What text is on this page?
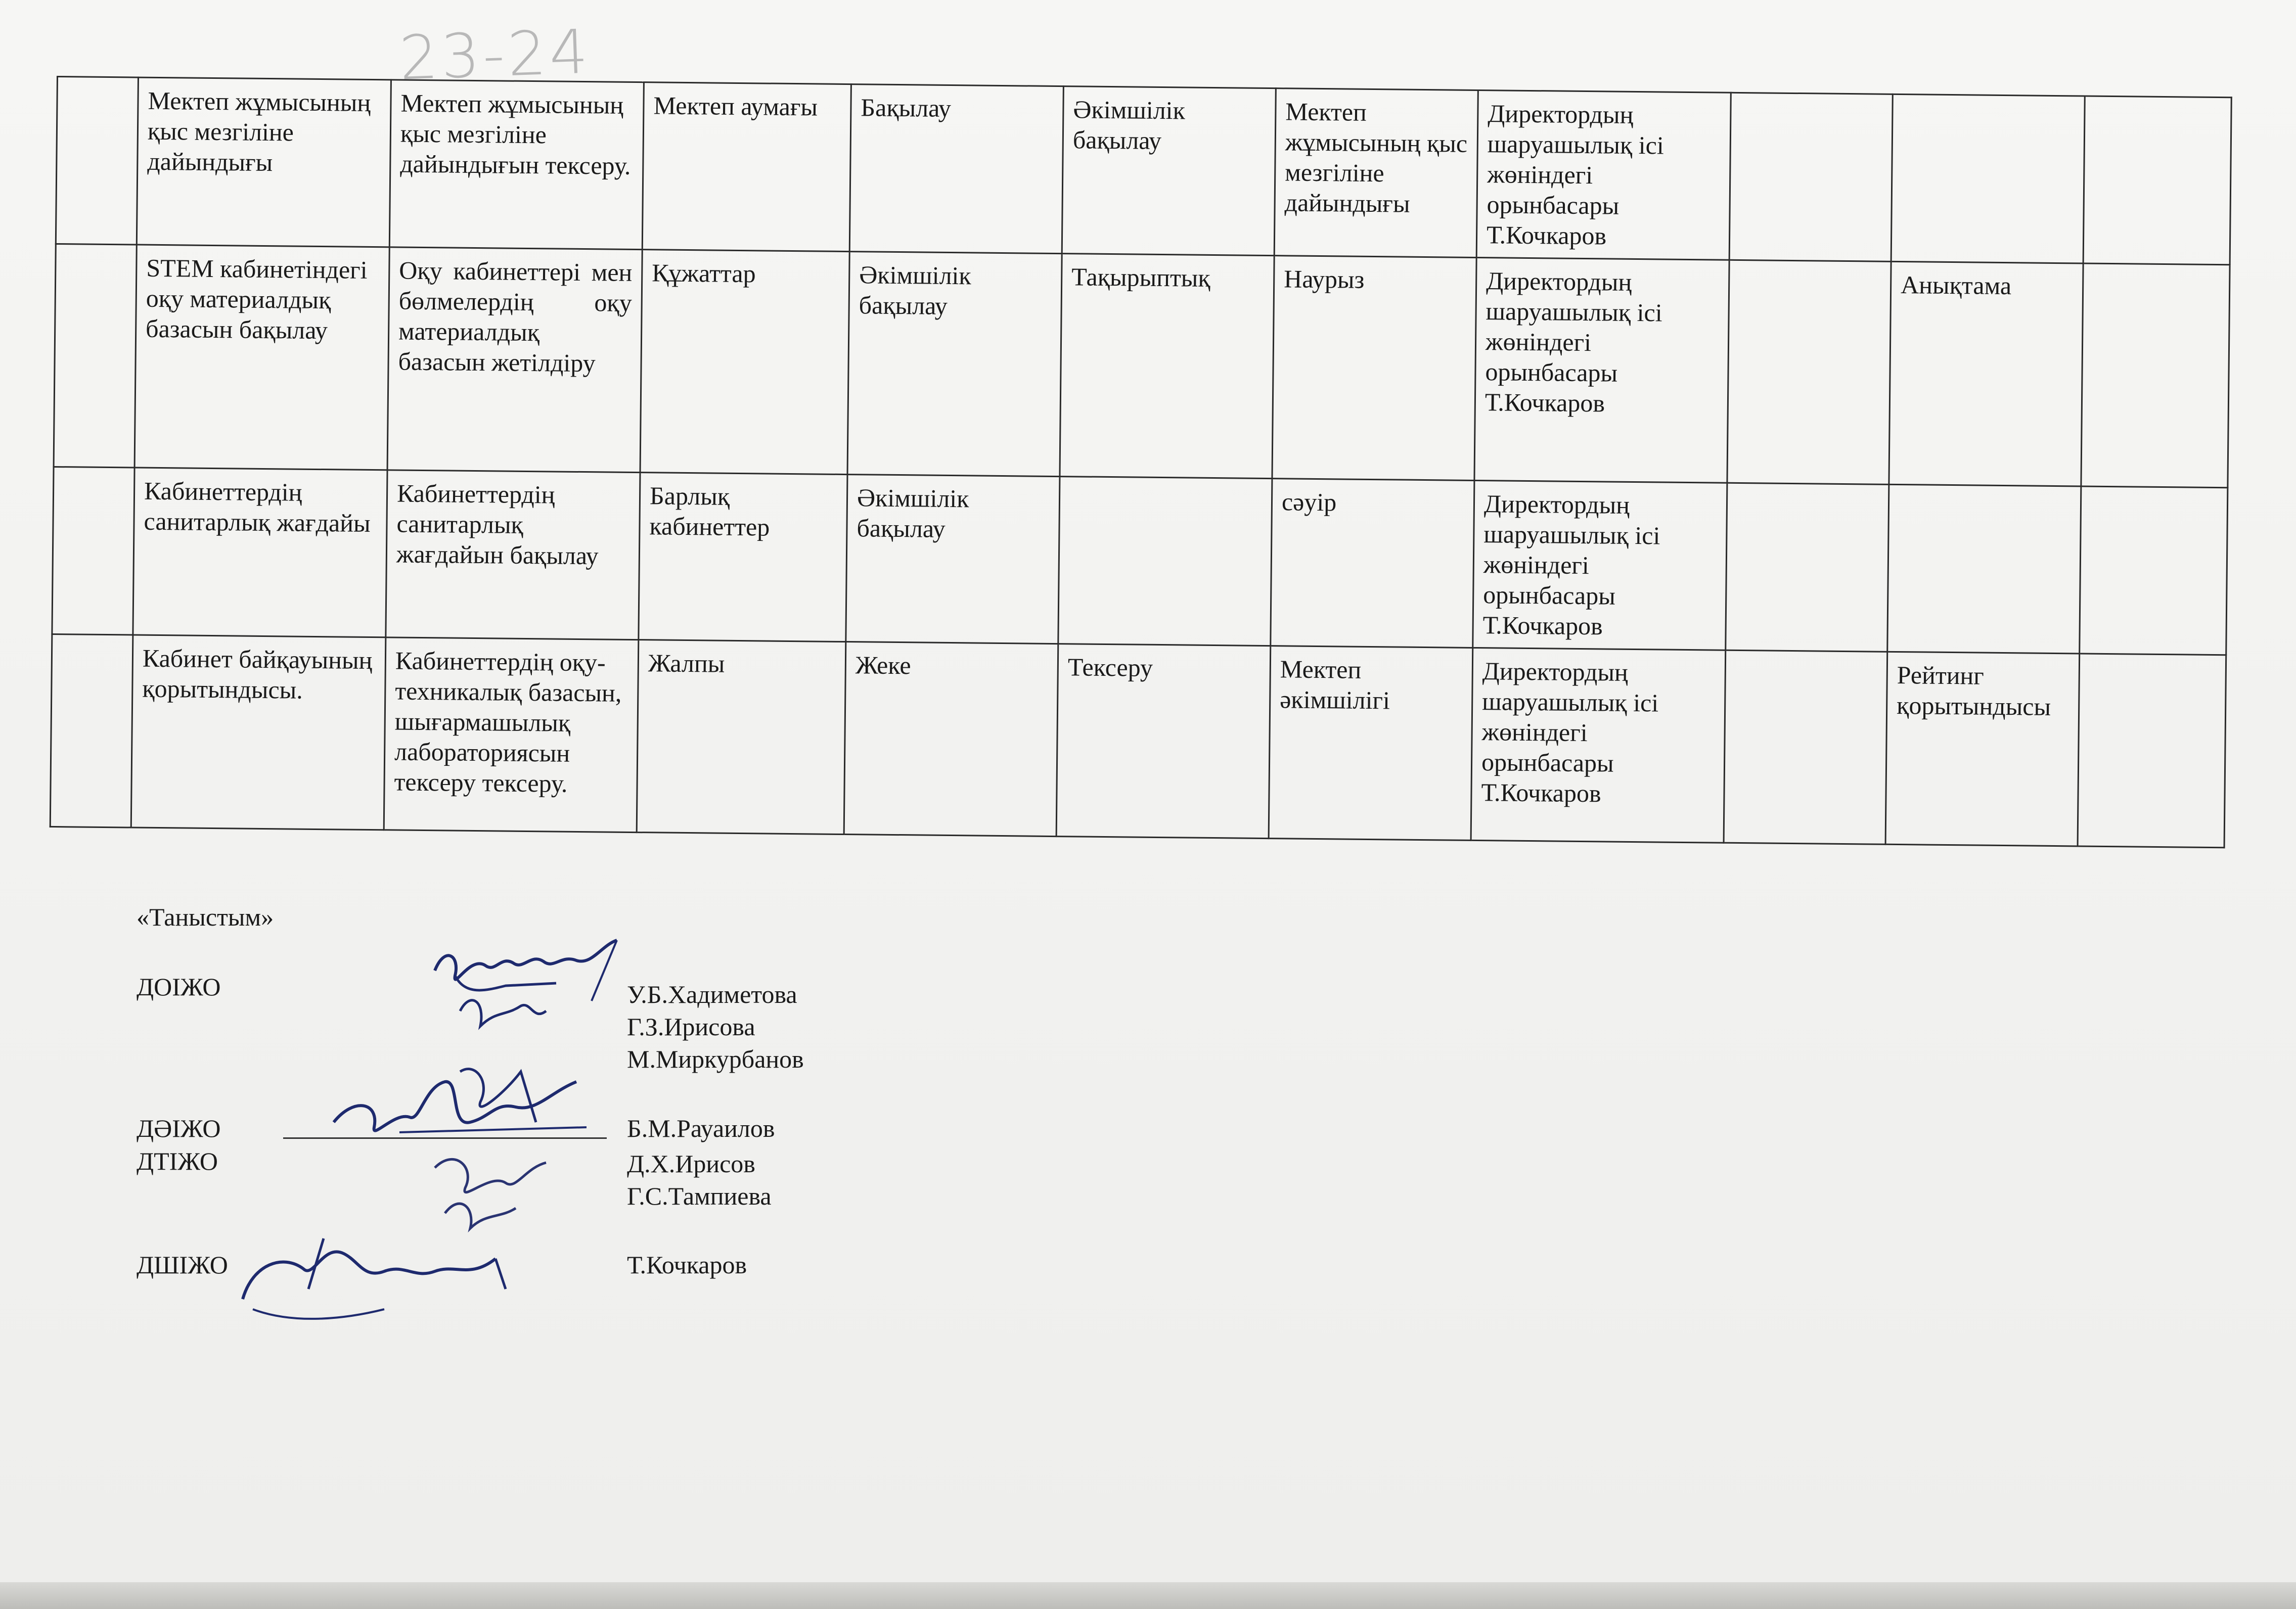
23-24
	Мектеп жұмысының қыс мезгіліне дайындығы	Мектеп жұмысының қыс мезгіліне дайындығын тексеру.	Мектеп аумағы	Бақылау	Әкімшілік бақылау	Мектеп жұмысының қыс мезгіліне дайындығы	Директордың шаруашылық ісі жөніндегі орынбасары Т.Кочкаров			
	STEM кабинетіндегі оқу материалдық базасын бақылау	Оқу кабинеттері мен бөлмелердің оқу материалдық базасын жетілдіру	Құжаттар	Әкімшілік бақылау	Тақырыптық	Наурыз	Директордың шаруашылық ісі жөніндегі орынбасары Т.Кочкаров		Анықтама	
	Кабинеттердің санитарлық жағдайы	Кабинеттердің санитарлық жағдайын бақылау	Барлық кабинеттер	Әкімшілік бақылау		сәуір	Директордың шаруашылық ісі жөніндегі орынбасары Т.Кочкаров			
	Кабинет байқауының қорытындысы.	Кабинеттердің оқу-техникалық базасын, шығармашылық лабораториясын тексеру тексеру.	Жалпы	Жеке	Тексеру	Мектеп әкімшілігі	Директордың шаруашылық ісі жөніндегі орынбасары Т.Кочкаров		Рейтинг қорытындысы	
«Таныстым»
ДОІЖО	У.Б.Хадиметова
Г.З.Ирисова
М.Миркурбанов
ДӘІЖО	Б.М.Рауаилов
ДТІЖО	Д.Х.Ирисов
Г.С.Тампиева
ДШІЖО	Т.Кочкаров
